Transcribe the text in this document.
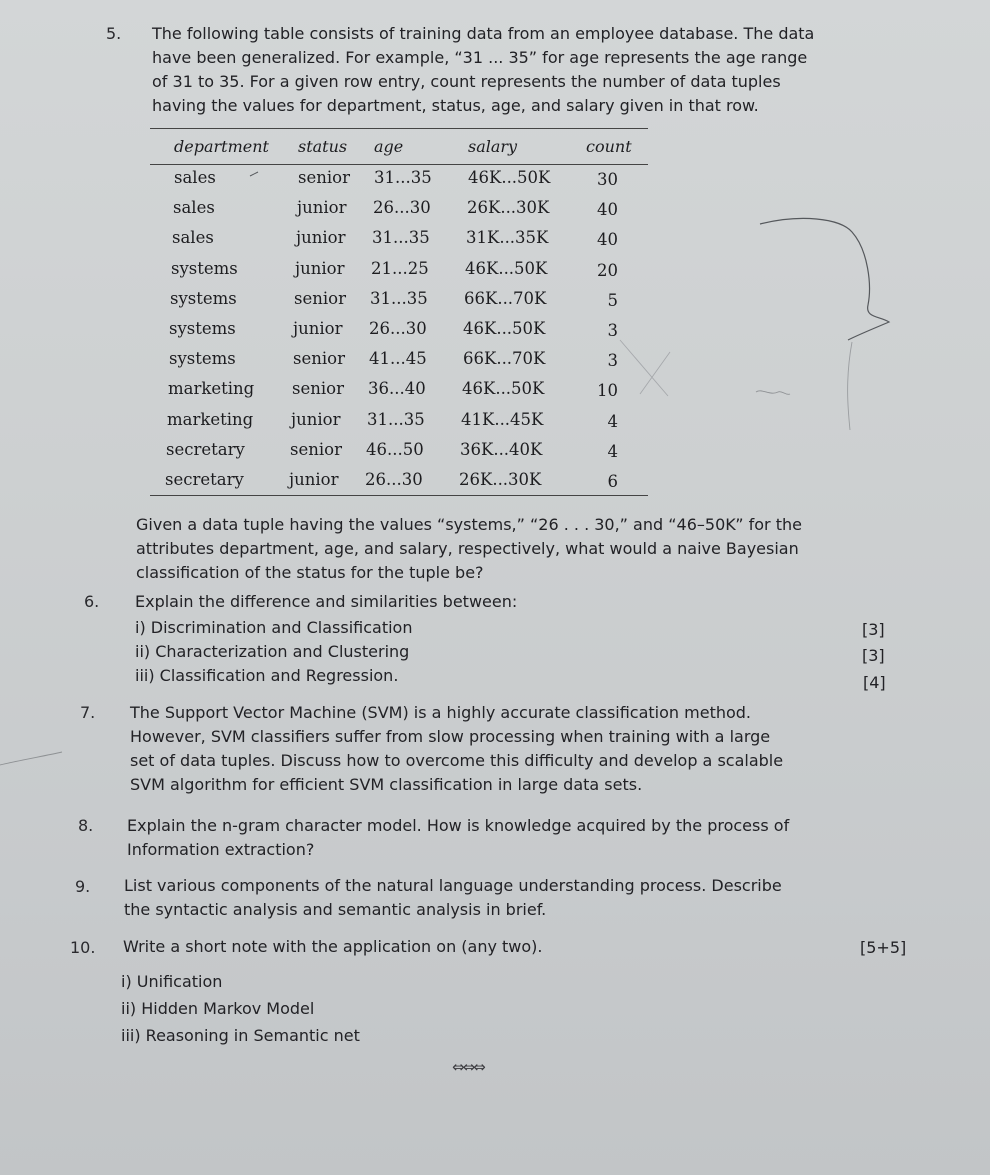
5. The following table consists of training data from an employee database. The data
have been generalized. For example, “31 ... 35” for age represents the age range
of 31 to 35. For a given row entry, count represents the number of data tuples
having the values for department, status, age, and salary given in that row.
department status age	salary	count
sales	senior 31...35 46K...50K	30
sales	junior 26...30 26K...30K	40
sales	junior 31...35 31K...35K	40
systems	junior 21...25 46K...50K	20
systems	senior 31...35 66K...70K	5
systems	junior 26...30 46K...50K	3
systems	senior 41...45 66K...70K	3
marketing senior 36...40 46K...50K	10
marketing junior 31...35 41K...45K	4
secretary	senior 46...50 36K...40K	4
secretary	junior 26...30 26K...30K	6
Given a data tuple having the values “systems,” “26 . . . 30,” and “46–50K” for the
attributes department, age, and salary, respectively, what would a naive Bayesian
classification of the status for the tuple be?
6. Explain the difference and similarities between:
i) Discrimination and Classification	[3]
ii) Characterization and Clustering	[3]
iii) Classification and Regression.	[4]
7. The Support Vector Machine (SVM) is a highly accurate classification method.
However, SVM classifiers suffer from slow processing when training with a large
set of data tuples. Discuss how to overcome this difficulty and develop a scalable
SVM algorithm for efficient SVM classification in large data sets.
8. Explain the n-gram character model. How is knowledge acquired by the process of
Information extraction?
9. List various components of the natural language understanding process. Describe
the syntactic analysis and semantic analysis in brief.
10. Write a short note with the application on (any two).	[5+5]
i) Unification
ii) Hidden Markov Model
iii) Reasoning in Semantic net
⇔⇔⇔
